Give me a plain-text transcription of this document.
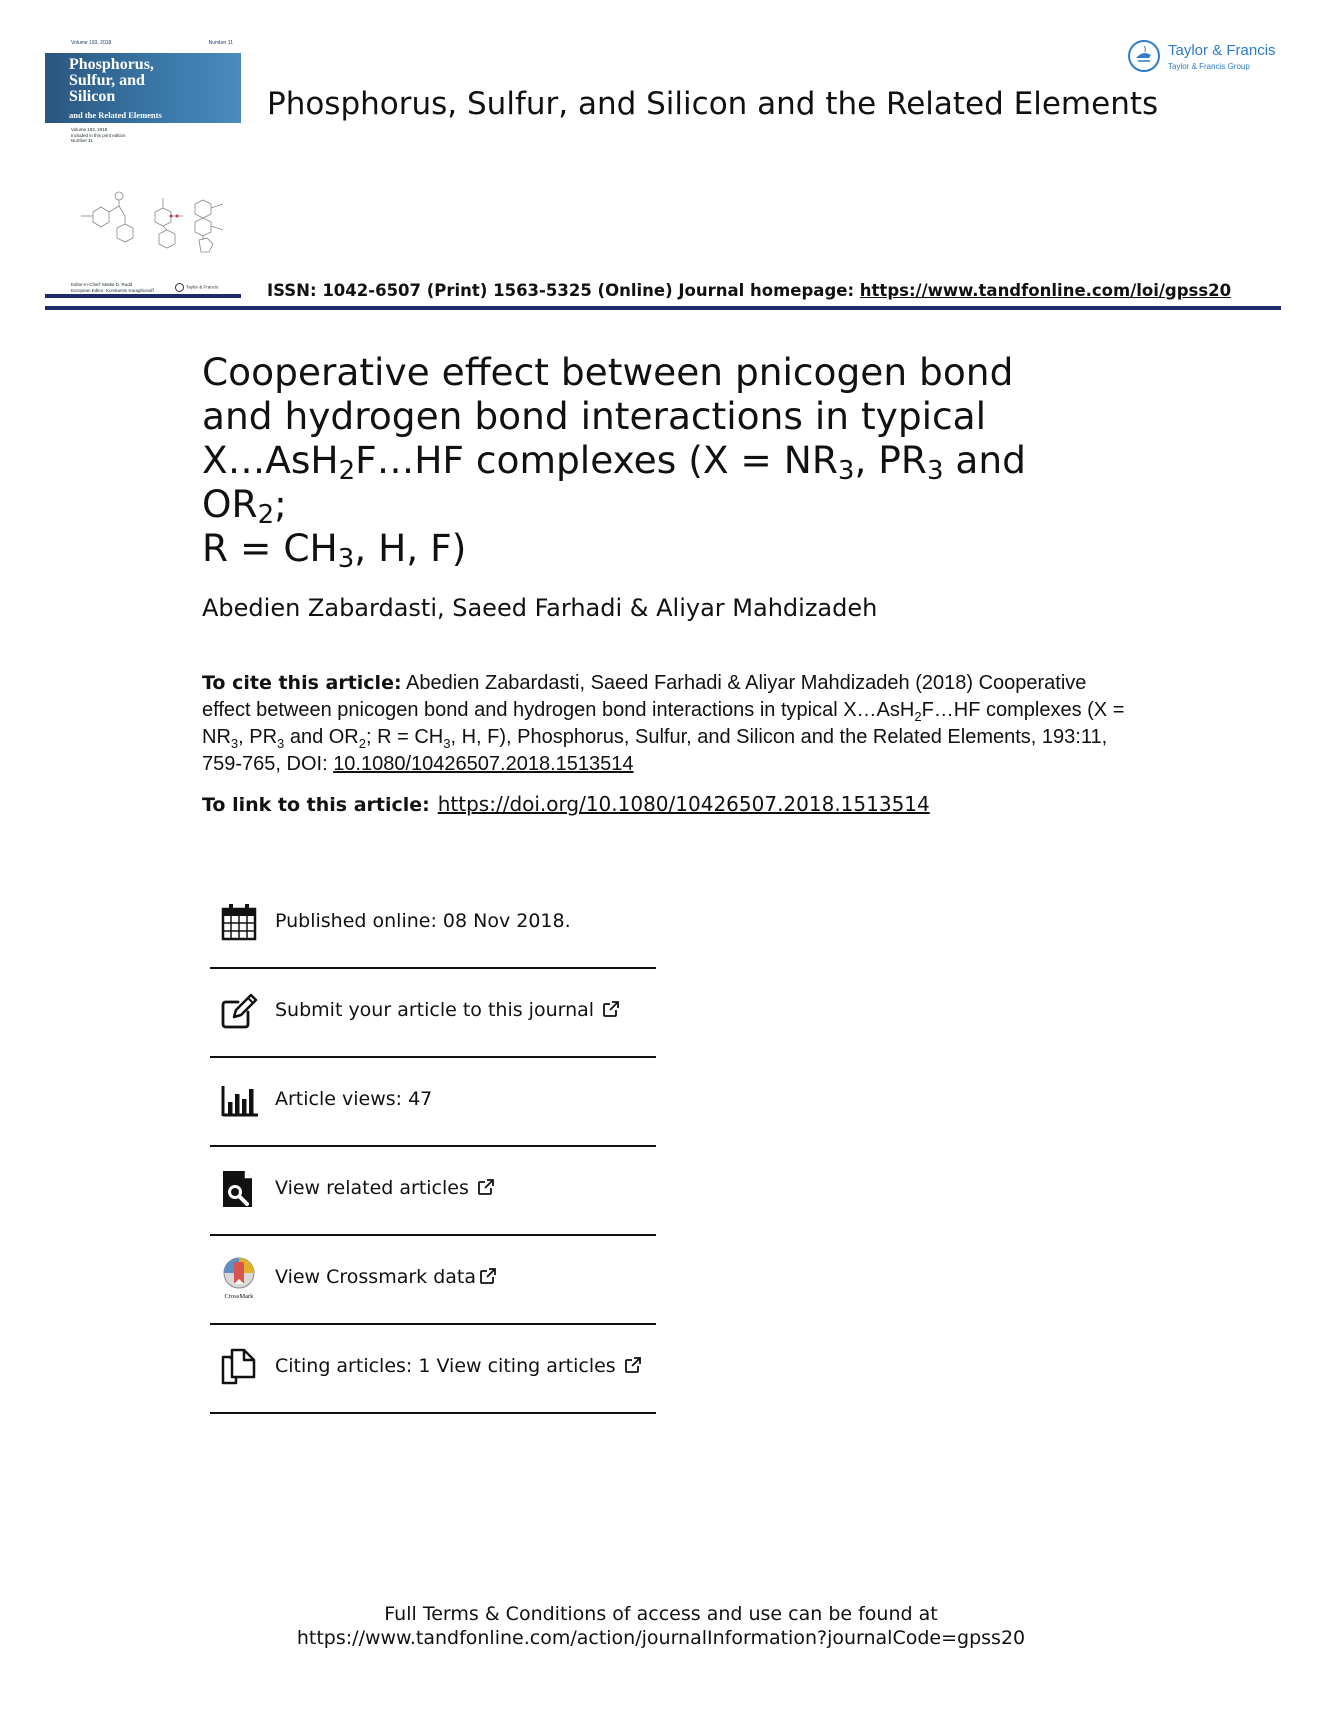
Volume 193, 2018	Number 11
Phosphorus,
Sulfur, and
Silicon
and the Related Elements
Volume 193, 2018
Included in this print edition
Number 11
Editor-in-Chief: Mattie D. Rudd
European Editor: Konstantin Karaghiosoff
Taylor & Francis
Phosphorus, Sulfur, and Silicon and the Related Elements
Taylor & Francis
Taylor & Francis Group
ISSN: 1042-6507 (Print) 1563-5325 (Online) Journal homepage: https://www.tandfonline.com/loi/gpss20
Cooperative effect between pnicogen bond
and hydrogen bond interactions in typical
X…AsH$_2$F…HF complexes ($X = NR_3$, $PR_3$ and $OR_2$;
$R = CH_3$, H, F)
Abedien Zabardasti, Saeed Farhadi & Aliyar Mahdizadeh
To cite this article: Abedien Zabardasti, Saeed Farhadi & Aliyar Mahdizadeh (2018) Cooperative effect between pnicogen bond and hydrogen bond interactions in typical X…AsH$_2$F…HF complexes ($X = NR_3$, $PR_3$ and $OR_2$; $R = CH_3$, H, F), Phosphorus, Sulfur, and Silicon and the Related Elements, 193:11, 759-765, DOI: 10.1080/10426507.2018.1513514
To link to this article: https://doi.org/10.1080/10426507.2018.1513514
Published online: 08 Nov 2018.
Submit your article to this journal
Article views: 47
View related articles
CrossMark
View Crossmark data
Citing articles: 1 View citing articles
Full Terms & Conditions of access and use can be found at
https://www.tandfonline.com/action/journalInformation?journalCode=gpss20
